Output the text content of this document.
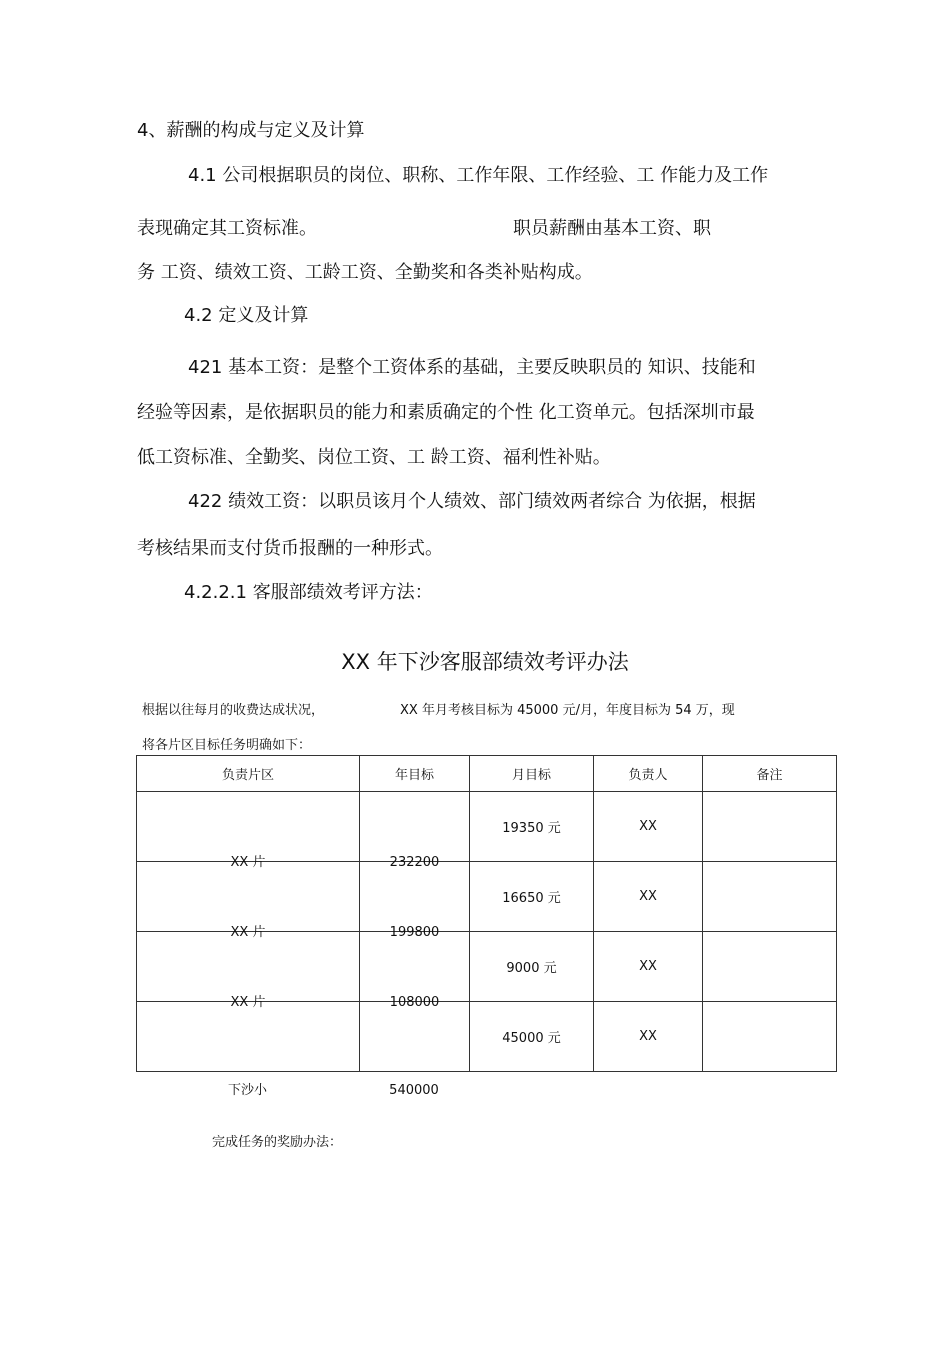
4、薪酬的构成与定义及计算
4.1 公司根据职员的岗位、职称、工作年限、工作经验、工 作能力及工作
表现确定其工资标准。	职员薪酬由基本工资、职
务 工资、绩效工资、工龄工资、全勤奖和各类补贴构成。
4.2 定义及计算
421 基本工资：是整个工资体系的基础，主要反映职员的 知识、技能和
经验等因素，是依据职员的能力和素质确定的个性 化工资单元。包括深圳市最
低工资标准、全勤奖、岗位工资、工 龄工资、福利性补贴。
422 绩效工资：以职员该月个人绩效、部门绩效两者综合 为依据，根据
考核结果而支付货币报酬的一种形式。
4.2.2.1 客服部绩效考评方法：
XX 年下沙客服部绩效考评办法
根据以往每月的收费达成状况，	XX 年月考核目标为 45000 元/月，年度目标为 54 万，现
将各片区目标任务明确如下：
负责片区	年目标	月目标	负责人	备注

XX 片	232200	19350 元	XX	

XX 片	199800	16650 元	XX	

XX 片	108000	9000 元	XX	
		45000 元	XX	
下沙小	540000
完成任务的奖励办法：
